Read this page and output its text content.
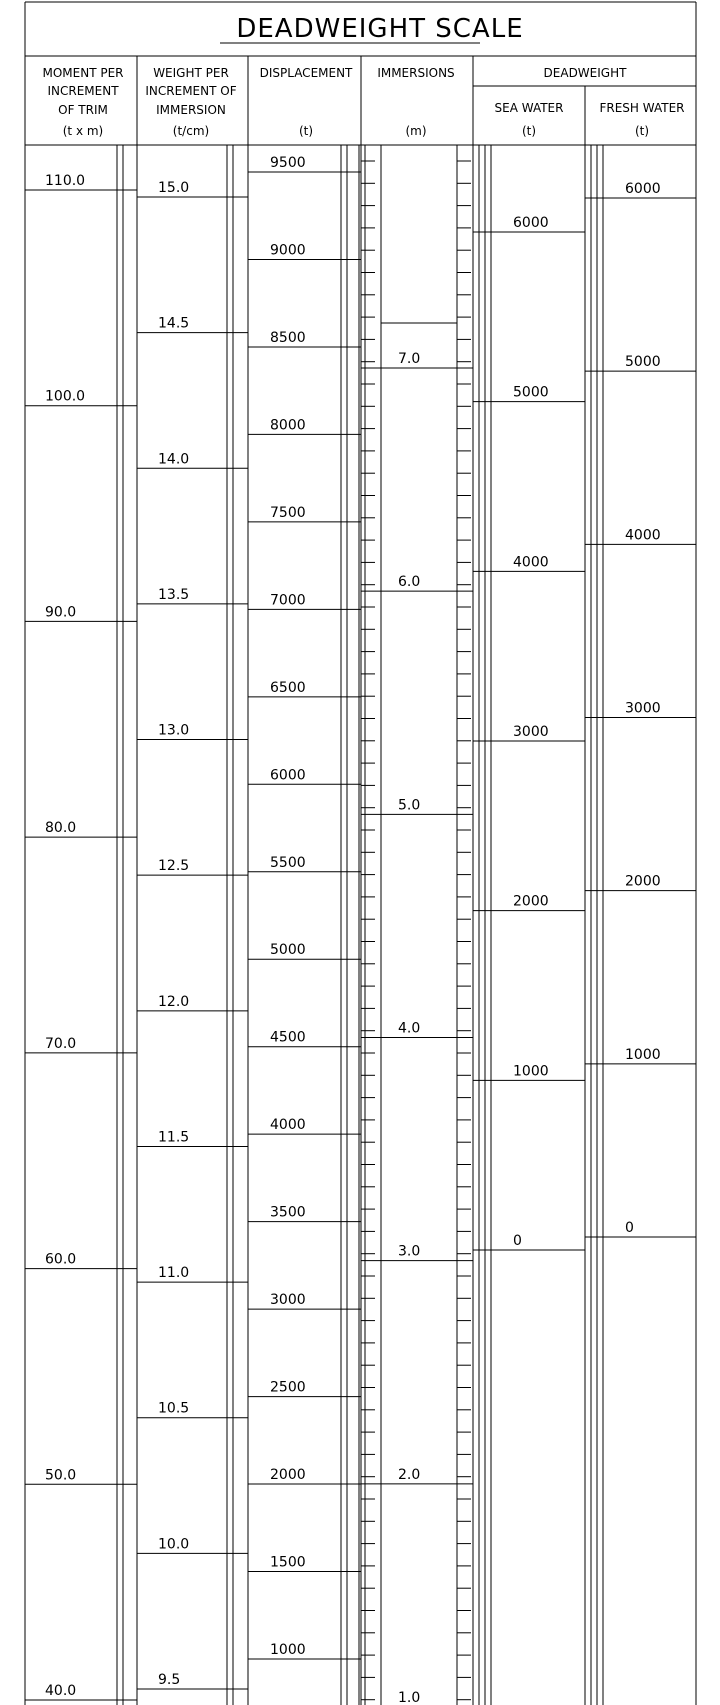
DEADWEIGHT SCALE
MOMENT PER
INCREMENT
OF TRIM
(t x m)
WEIGHT PER
INCREMENT OF
IMMERSION
(t/cm)
DISPLACEMENT
(t)
IMMERSIONS
(m)
DEADWEIGHT
SEA WATER
(t)
FRESH WATER
(t)
110.0
100.0
90.0
80.0
70.0
60.0
50.0
40.0
15.0
14.5
14.0
13.5
13.0
12.5
12.0
11.5
11.0
10.5
10.0
9.5
9500
9000
8500
8000
7500
7000
6500
6000
5500
5000
4500
4000
3500
3000
2500
2000
1500
1000
7.0
6.0
5.0
4.0
3.0
2.0
1.0
6000
5000
4000
3000
2000
1000
0
6000
5000
4000
3000
2000
1000
0
